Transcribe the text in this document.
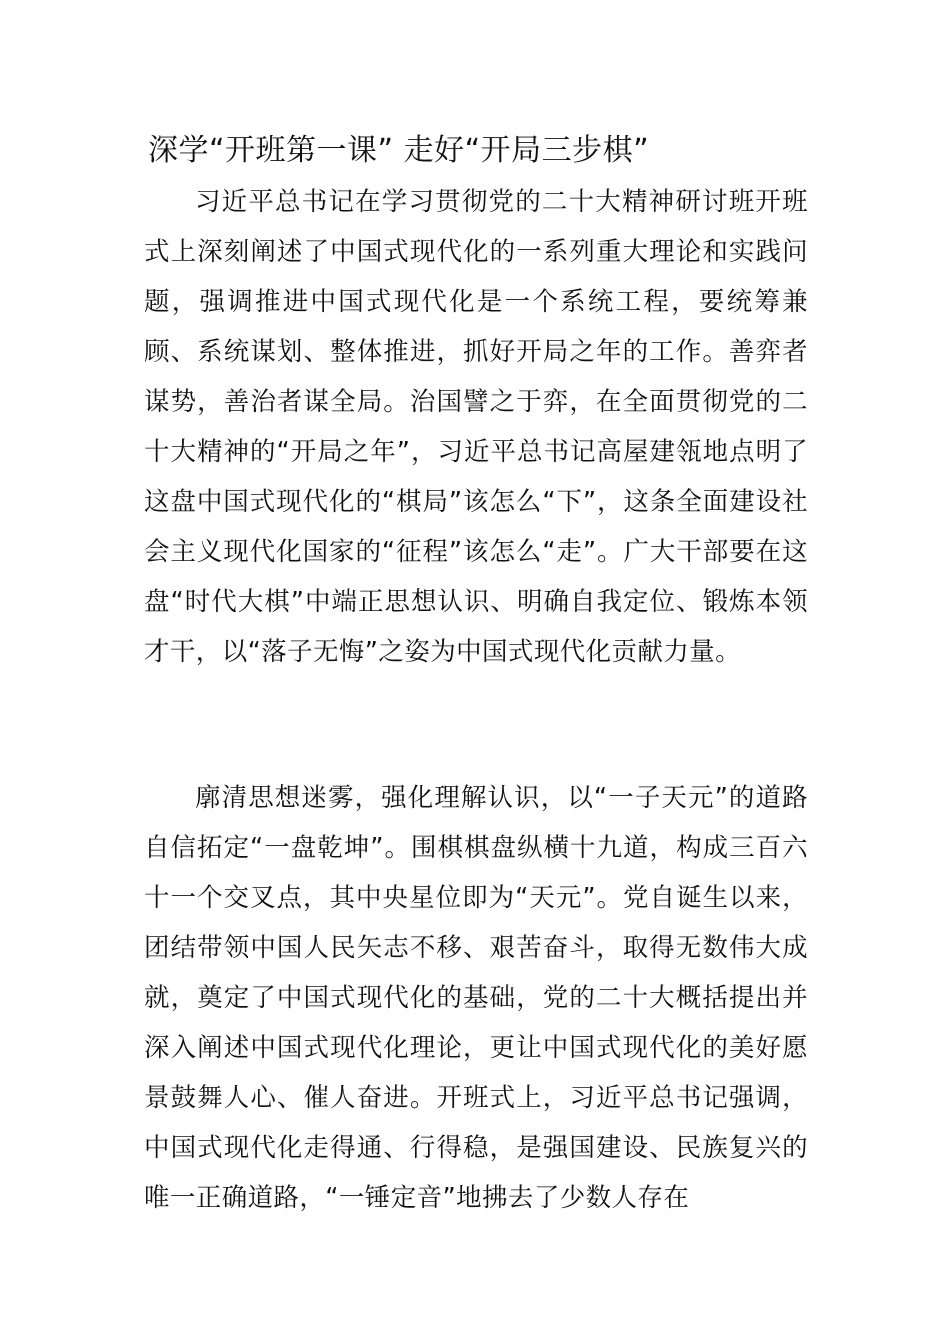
深学“开班第一课” 走好“开局三步棋”

习近平总书记在学习贯彻党的二十大精神研讨班开班式上深刻阐述了中国式现代化的一系列重大理论和实践问题，强调推进中国式现代化是一个系统工程，要统筹兼顾、系统谋划、整体推进，抓好开局之年的工作。善弈者谋势，善治者谋全局。治国譬之于弈，在全面贯彻党的二十大精神的“开局之年”，习近平总书记高屋建瓴地点明了这盘中国式现代化的“棋局”该怎么“下”，这条全面建设社会主义现代化国家的“征程”该怎么“走”。广大干部要在这盘“时代大棋”中端正思想认识、明确自我定位、锻炼本领才干，以“落子无悔”之姿为中国式现代化贡献力量。

廓清思想迷雾，强化理解认识，以“一子天元”的道路自信拓定“一盘乾坤”。围棋棋盘纵横十九道，构成三百六十一个交叉点，其中央星位即为“天元”。党自诞生以来，团结带领中国人民矢志不移、艰苦奋斗，取得无数伟大成就，奠定了中国式现代化的基础，党的二十大概括提出并深入阐述中国式现代化理论，更让中国式现代化的美好愿景鼓舞人心、催人奋进。开班式上，习近平总书记强调，中国式现代化走得通、行得稳，是强国建设、民族复兴的唯一正确道路，“一锤定音”地拂去了少数人存在
